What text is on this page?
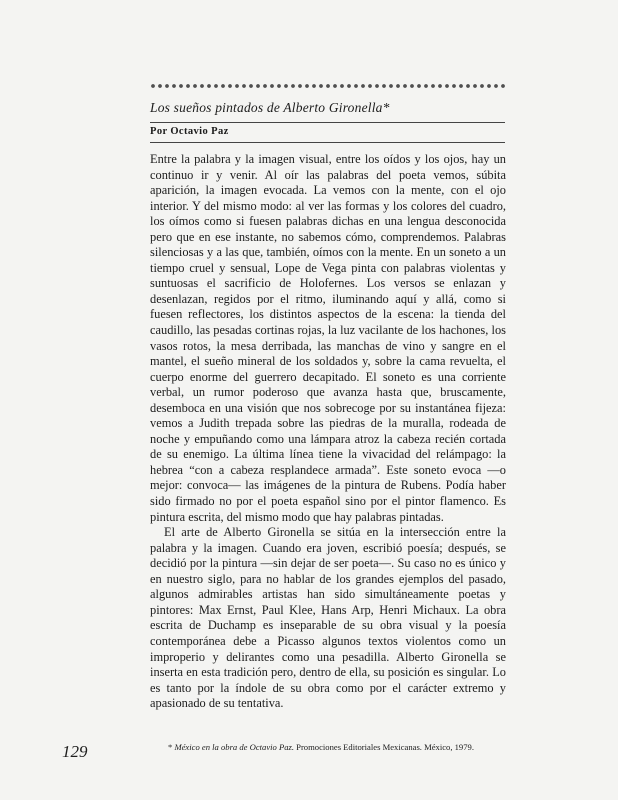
Los sueños pintados de Alberto Gironella*
Por Octavio Paz

Entre la palabra y la imagen visual, entre los oídos y los ojos, hay un continuo ir y venir. Al oír las palabras del poeta vemos, súbita aparición, la imagen evocada. La vemos con la mente, con el ojo interior. Y del mismo modo: al ver las formas y los colores del cuadro, los oímos como si fuesen palabras dichas en una lengua desconocida pero que en ese instante, no sabemos cómo, comprendemos. Palabras silenciosas y a las que, también, oímos con la mente. En un soneto a un tiempo cruel y sensual, Lope de Vega pinta con palabras violentas y suntuosas el sacrificio de Holofernes. Los versos se enlazan y desenlazan, regidos por el ritmo, iluminando aquí y allá, como si fuesen reflectores, los distintos aspectos de la escena: la tienda del caudillo, las pesadas cortinas rojas, la luz vacilante de los hachones, los vasos rotos, la mesa derribada, las manchas de vino y sangre en el mantel, el sueño mineral de los soldados y, sobre la cama revuelta, el cuerpo enorme del guerrero decapitado. El soneto es una corriente verbal, un rumor poderoso que avanza hasta que, bruscamente, desemboca en una visión que nos sobrecoge por su instantánea fijeza: vemos a Judith trepada sobre las piedras de la muralla, rodeada de noche y empuñando como una lámpara atroz la cabeza recién cortada de su enemigo. La última línea tiene la vivacidad del relámpago: la hebrea “con a cabeza resplandece armada”. Este soneto evoca —o mejor: convoca— las imágenes de la pintura de Rubens. Podía haber sido firmado no por el poeta español sino por el pintor flamenco. Es pintura escrita, del mismo modo que hay palabras pintadas.

El arte de Alberto Gironella se sitúa en la intersección entre la palabra y la imagen. Cuando era joven, escribió poesía; después, se decidió por la pintura —sin dejar de ser poeta—. Su caso no es único y en nuestro siglo, para no hablar de los grandes ejemplos del pasado, algunos admirables artistas han sido simultáneamente poetas y pintores: Max Ernst, Paul Klee, Hans Arp, Henri Michaux. La obra escrita de Duchamp es inseparable de su obra visual y la poesía contemporánea debe a Picasso algunos textos violentos como un improperio y delirantes como una pesadilla. Alberto Gironella se inserta en esta tradición pero, dentro de ella, su posición es singular. Lo es tanto por la índole de su obra como por el carácter extremo y apasionado de su tentativa.

129	* México en la obra de Octavio Paz. Promociones Editoriales Mexicanas. México, 1979.
